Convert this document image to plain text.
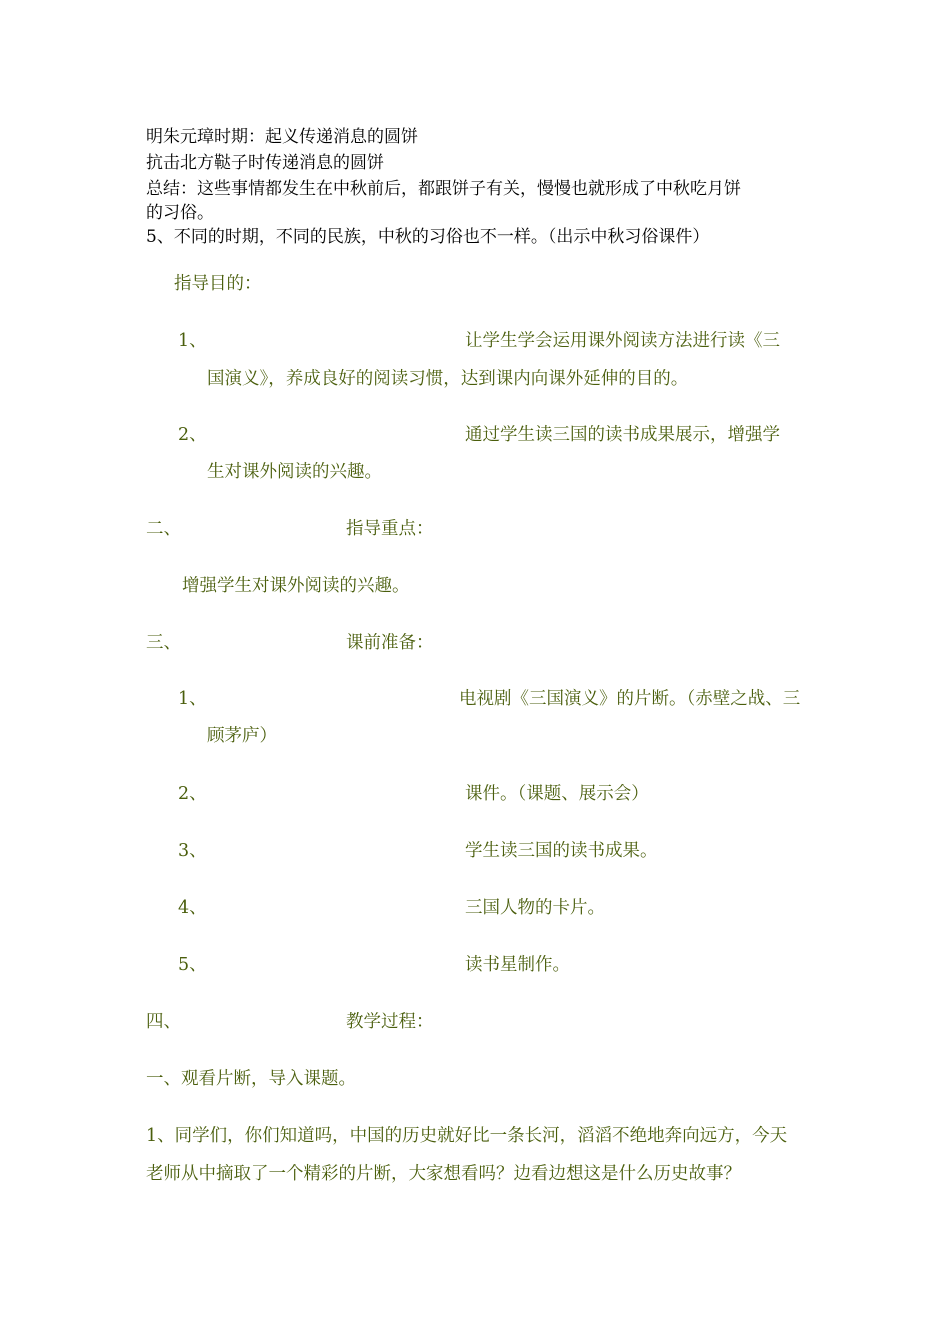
明朱元璋时期：起义传递消息的圆饼
抗击北方鞑子时传递消息的圆饼
总结：这些事情都发生在中秋前后，都跟饼子有关，慢慢也就形成了中秋吃月饼
的习俗。
5、不同的时期，不同的民族，中秋的习俗也不一样。（出示中秋习俗课件）
指导目的：
1、	让学生学会运用课外阅读方法进行读《三
国演义》，养成良好的阅读习惯，达到课内向课外延伸的目的。
2、	通过学生读三国的读书成果展示，增强学
生对课外阅读的兴趣。
二、	指导重点：
增强学生对课外阅读的兴趣。
三、	课前准备：
1、	电视剧《三国演义》的片断。（赤壁之战、三
顾茅庐）
2、	课件。（课题、展示会）
3、	学生读三国的读书成果。
4、	三国人物的卡片。
5、	读书星制作。
四、	教学过程：
一、观看片断，导入课题。
1、同学们，你们知道吗，中国的历史就好比一条长河，滔滔不绝地奔向远方，今天
老师从中摘取了一个精彩的片断，大家想看吗？边看边想这是什么历史故事？
